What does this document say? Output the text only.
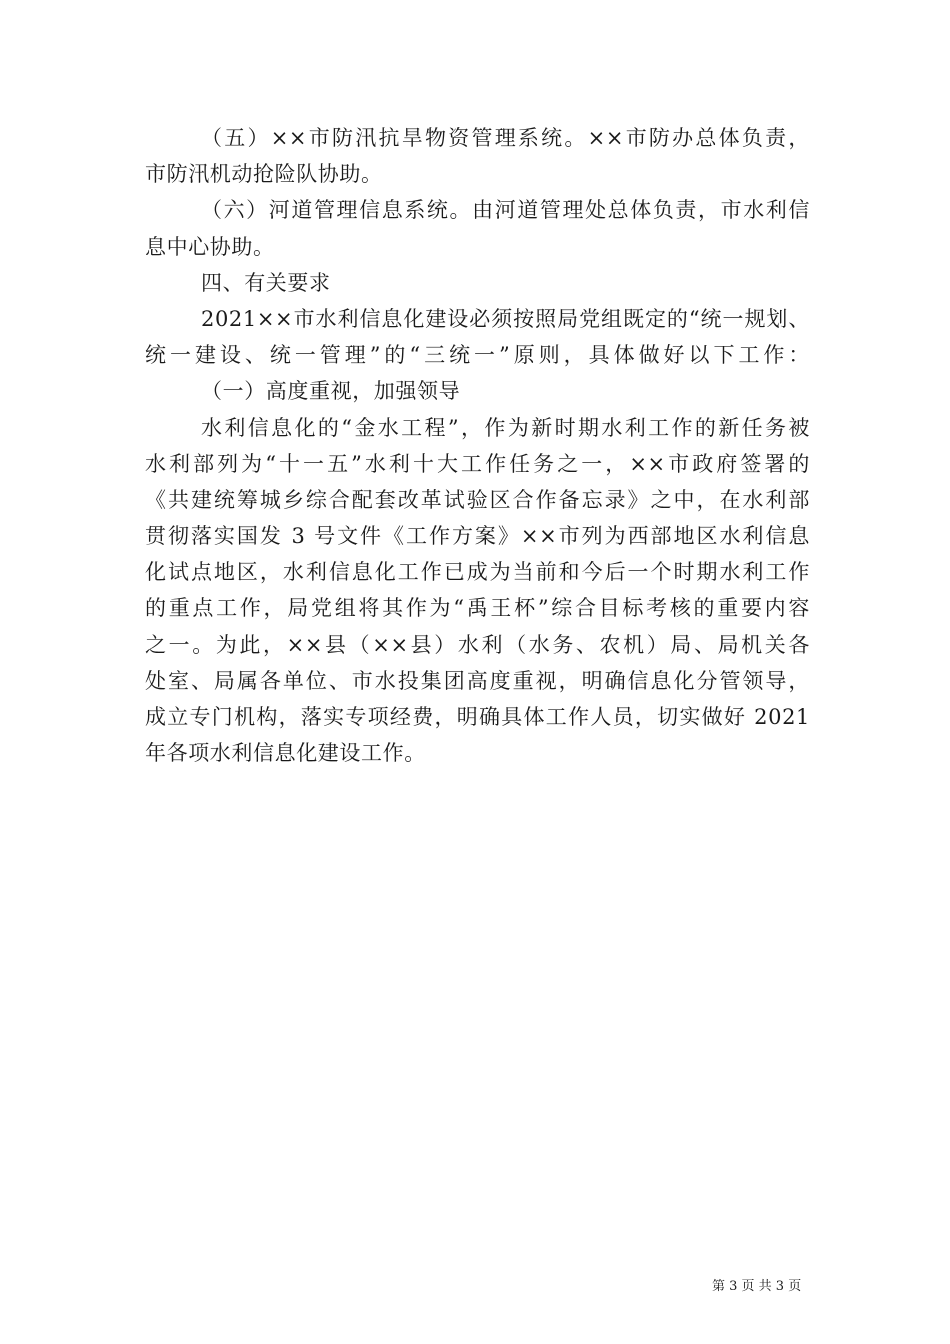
（五）××市防汛抗旱物资管理系统。××市防办总体负责，
市防汛机动抢险队协助。
（六）河道管理信息系统。由河道管理处总体负责，市水利信
息中心协助。
四、有关要求
2021××市水利信息化建设必须按照局党组既定的“统一规划、
统一建设、统一管理”的“三统一”原则，具体做好以下工作：
（一）高度重视，加强领导
水利信息化的“金水工程”，作为新时期水利工作的新任务被
水利部列为“十一五”水利十大工作任务之一，××市政府签署的
《共建统筹城乡综合配套改革试验区合作备忘录》之中，在水利部
贯彻落实国发 3 号文件《工作方案》××市列为西部地区水利信息
化试点地区，水利信息化工作已成为当前和今后一个时期水利工作
的重点工作，局党组将其作为“禹王杯”综合目标考核的重要内容
之一。为此，××县（××县）水利（水务、农机）局、局机关各
处室、局属各单位、市水投集团高度重视，明确信息化分管领导，
成立专门机构，落实专项经费，明确具体工作人员，切实做好 2021
年各项水利信息化建设工作。
第 3 页 共 3 页
